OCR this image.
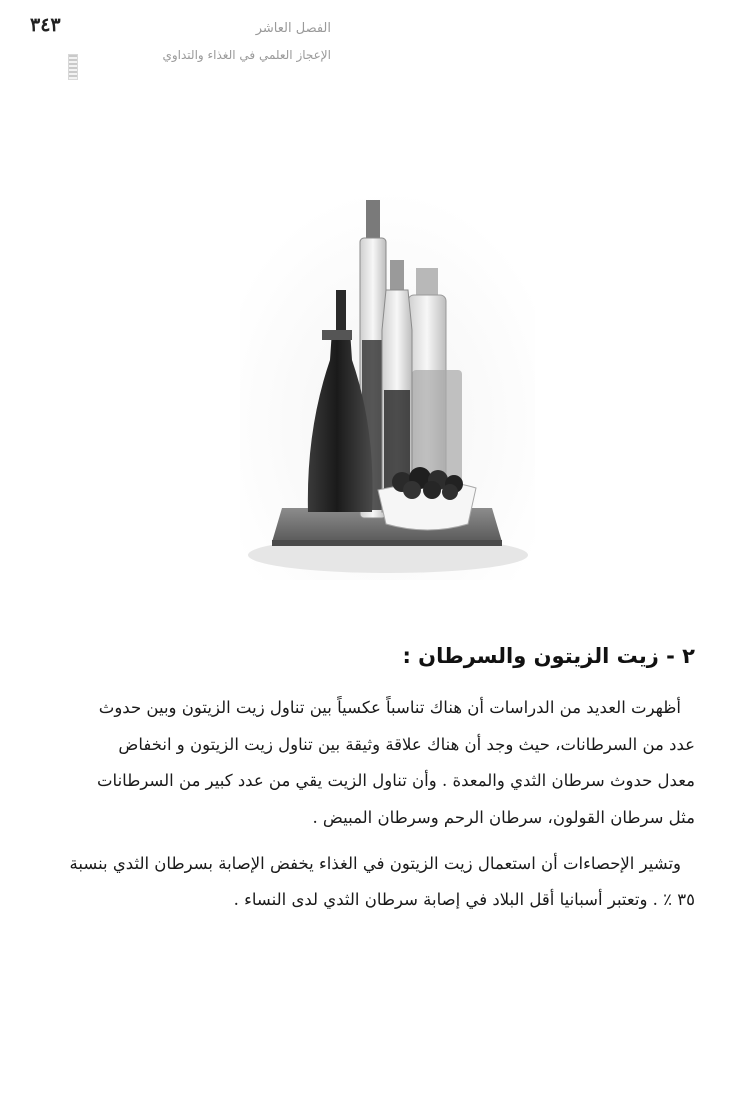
٣٤٣	الفصل العاشر
الإعجاز العلمي في الغذاء والتداوي
٢ - زيت الزيتون والسرطان :
أظهرت العديد من الدراسات أن هناك تناسباً عكسياً بين تناول زيت الزيتون وبين حدوث
عدد من السرطانات، حيث وجد أن هناك علاقة وثيقة بين تناول زيت الزيتون و انخفاض
معدل حدوث سرطان الثدي والمعدة . وأن تناول الزيت يقي من عدد كبير من السرطانات
مثل سرطان القولون، سرطان الرحم وسرطان المبيض .
وتشير الإحصاءات أن استعمال زيت الزيتون في الغذاء يخفض الإصابة بسرطان الثدي بنسبة
٣٥ ٪ . وتعتبر أسبانيا أقل البلاد في إصابة سرطان الثدي لدى النساء .
